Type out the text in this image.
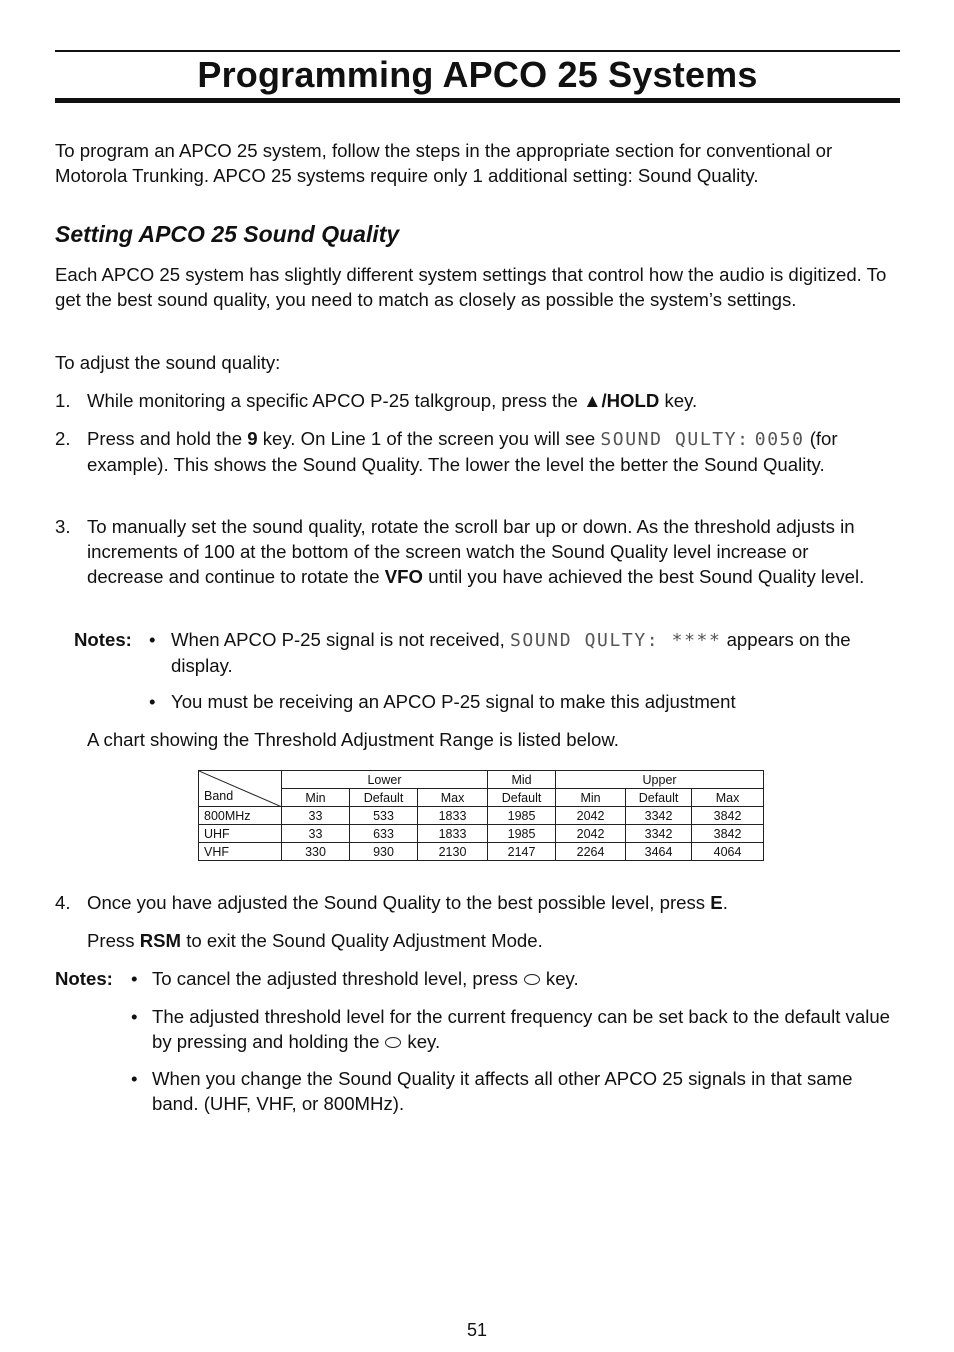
Programming APCO 25 Systems

To program an APCO 25 system, follow the steps in the appropriate section for conventional or Motorola Trunking. APCO 25 systems require only 1 additional setting: Sound Quality.

Setting APCO 25 Sound Quality

Each APCO 25 system has slightly different system settings that control how the audio is digitized. To get the best sound quality, you need to match as closely as possible the system’s settings.

To adjust the sound quality:

1. While monitoring a specific APCO P-25 talkgroup, press the ▲/HOLD key.

2. Press and hold the 9 key. On Line 1 of the screen you will see SOUND QULTY: 0050 (for example). This shows the Sound Quality. The lower the level the better the Sound Quality.

3. To manually set the sound quality, rotate the scroll bar up or down. As the threshold adjusts in increments of 100 at the bottom of the screen watch the Sound Quality level increase or decrease and continue to rotate the VFO until you have achieved the best Sound Quality level.

Notes: • When APCO P-25 signal is not received, SOUND QULTY: **** appears on the display.

• You must be receiving an APCO P-25 signal to make this adjustment

A chart showing the Threshold Adjustment Range is listed below.

Band	Lower			Mid	Upper		
	Min	Default	Max	Default	Min	Default	Max
800MHz	33	533	1833	1985	2042	3342	3842
UHF	33	633	1833	1985	2042	3342	3842
VHF	330	930	2130	2147	2264	3464	4064
4. Once you have adjusted the Sound Quality to the best possible level, press E.

Press RSM to exit the Sound Quality Adjustment Mode.

Notes: • To cancel the adjusted threshold level, press key.

• The adjusted threshold level for the current frequency can be set back to the default value by pressing and holding the key.

• When you change the Sound Quality it affects all other APCO 25 signals in that same band. (UHF, VHF, or 800MHz).

51
